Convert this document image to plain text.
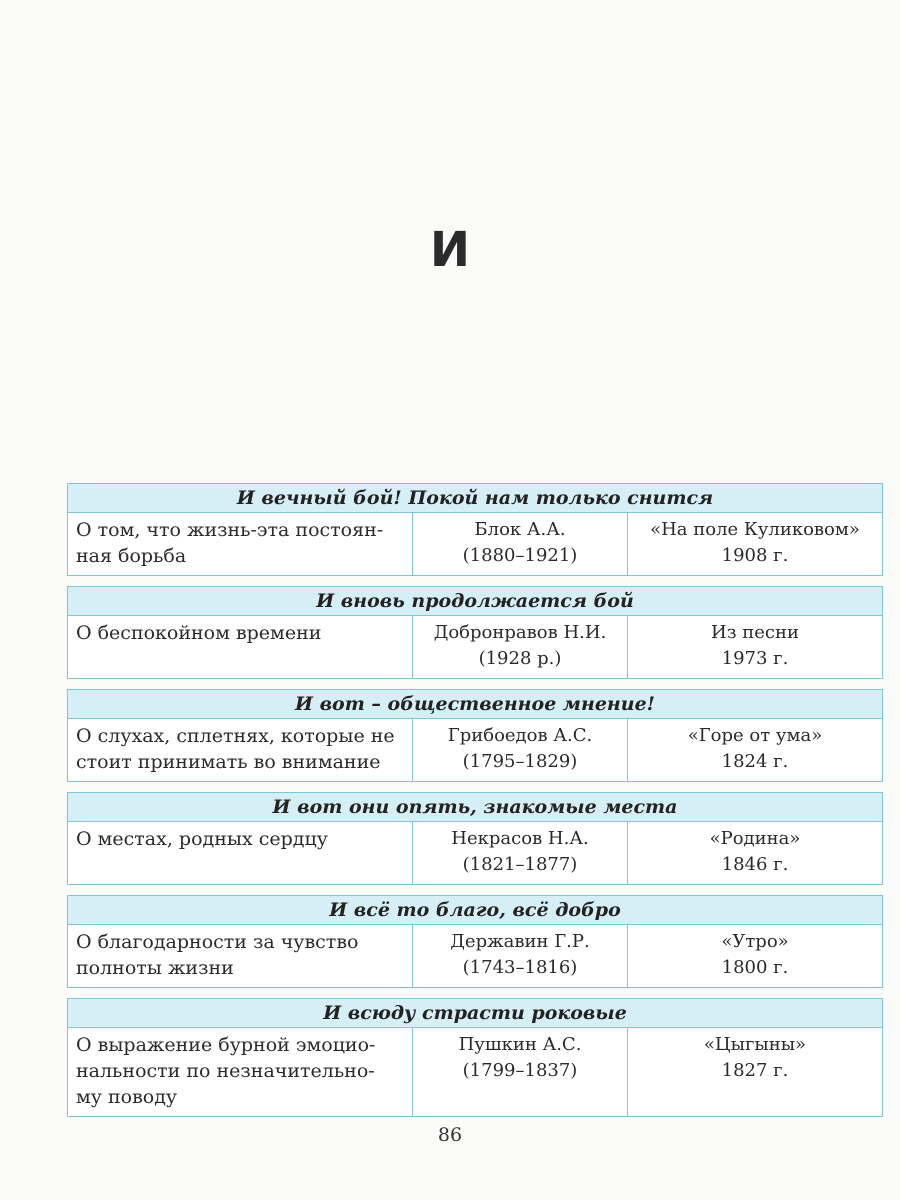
И
И вечный бой! Покой нам только снится
О том, что жизнь-эта постоян-
ная борьба
Блок А.А.
(1880–1921)
«На поле Куликовом»
1908 г.
И вновь продолжается бой
О беспокойном времени	Добронравов Н.И.
(1928 р.)
Из песни
1973 г.
И вот – общественное мнение!
О слухах, сплетнях, которые не
стоит принимать во внимание
Грибоедов А.С.
(1795–1829)
«Горе от ума»
1824 г.
И вот они опять, знакомые места
О местах, родных сердцу	Некрасов Н.А.
(1821–1877)
«Родина»
1846 г.
И всё то благо, всё добро
О благодарности за чувство
полноты жизни
Державин Г.Р.
(1743–1816)
«Утро»
1800 г.
И всюду страсти роковые
О выражение бурной эмоцио-
нальности по незначительно-
му поводу
Пушкин А.С.
(1799–1837)
«Цыгыны»
1827 г.
86
